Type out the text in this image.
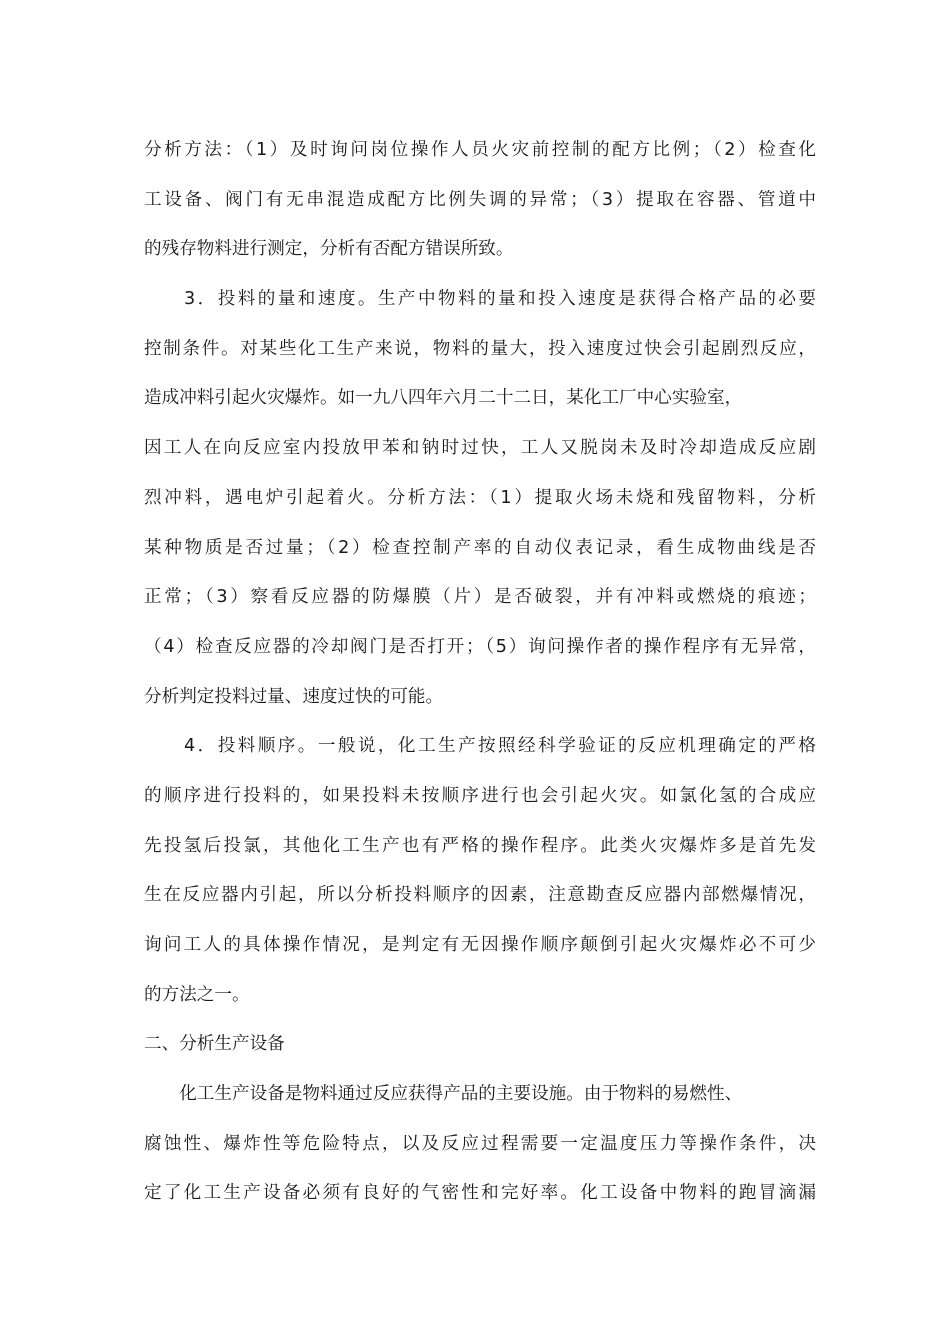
分析方法：（1）及时询问岗位操作人员火灾前控制的配方比例；（2）检查化
工设备、阀门有无串混造成配方比例失调的异常；（3）提取在容器、管道中
的残存物料进行测定，分析有否配方错误所致。
　　3．投料的量和速度。生产中物料的量和投入速度是获得合格产品的必要
控制条件。对某些化工生产来说，物料的量大，投入速度过快会引起剧烈反应，
造成冲料引起火灾爆炸。如一九八四年六月二十二日，某化工厂中心实验室，
因工人在向反应室内投放甲苯和钠时过快，工人又脱岗未及时冷却造成反应剧
烈冲料，遇电炉引起着火。分析方法：（1）提取火场未烧和残留物料，分析
某种物质是否过量；（2）检查控制产率的自动仪表记录，看生成物曲线是否
正常；（3）察看反应器的防爆膜（片）是否破裂，并有冲料或燃烧的痕迹；
（4）检查反应器的冷却阀门是否打开；（5）询问操作者的操作程序有无异常，
分析判定投料过量、速度过快的可能。
　　4．投料顺序。一般说，化工生产按照经科学验证的反应机理确定的严格
的顺序进行投料的，如果投料未按顺序进行也会引起火灾。如氯化氢的合成应
先投氢后投氯，其他化工生产也有严格的操作程序。此类火灾爆炸多是首先发
生在反应器内引起，所以分析投料顺序的因素，注意勘查反应器内部燃爆情况，
询问工人的具体操作情况，是判定有无因操作顺序颠倒引起火灾爆炸必不可少
的方法之一。
二、分析生产设备
　　化工生产设备是物料通过反应获得产品的主要设施。由于物料的易燃性、
腐蚀性、爆炸性等危险特点，以及反应过程需要一定温度压力等操作条件，决
定了化工生产设备必须有良好的气密性和完好率。化工设备中物料的跑冒滴漏
